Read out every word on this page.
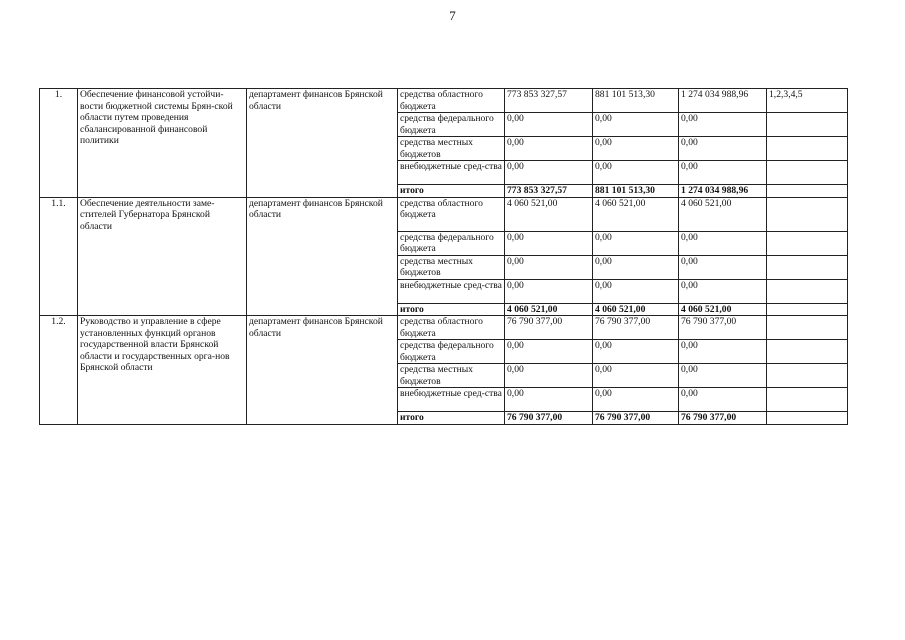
7
1.	Обеспечение финансовой устойчи-вости бюджетной системы Брян-ской области путем проведения сбалансированной финансовой политики	департамент финансов Брянской области	средства областного бюджета	773 853 327,57	881 101 513,30	1 274 034 988,96	1,2,3,4,5
			средства федерального бюджета	0,00	0,00	0,00	
			средства местных бюджетов	0,00	0,00	0,00	
			внебюджетные сред-ства	0,00	0,00	0,00	
			итого	773 853 327,57	881 101 513,30	1 274 034 988,96	
1.1.	Обеспечение деятельности заме-стителей Губернатора Брянской области	департамент финансов Брянской области	средства областного бюджета	4 060 521,00	4 060 521,00	4 060 521,00	
			средства федерального бюджета	0,00	0,00	0,00	
			средства местных бюджетов	0,00	0,00	0,00	
			внебюджетные сред-ства	0,00	0,00	0,00	
			итого	4 060 521,00	4 060 521,00	4 060 521,00	
1.2.	Руководство и управление в сфере установленных функций органов государственной власти Брянской области и государственных орга-нов Брянской области	департамент финансов Брянской области	средства областного бюджета	76 790 377,00	76 790 377,00	76 790 377,00	
			средства федерального бюджета	0,00	0,00	0,00	
			средства местных бюджетов	0,00	0,00	0,00	
			внебюджетные сред-ства	0,00	0,00	0,00	
			итого	76 790 377,00	76 790 377,00	76 790 377,00	
